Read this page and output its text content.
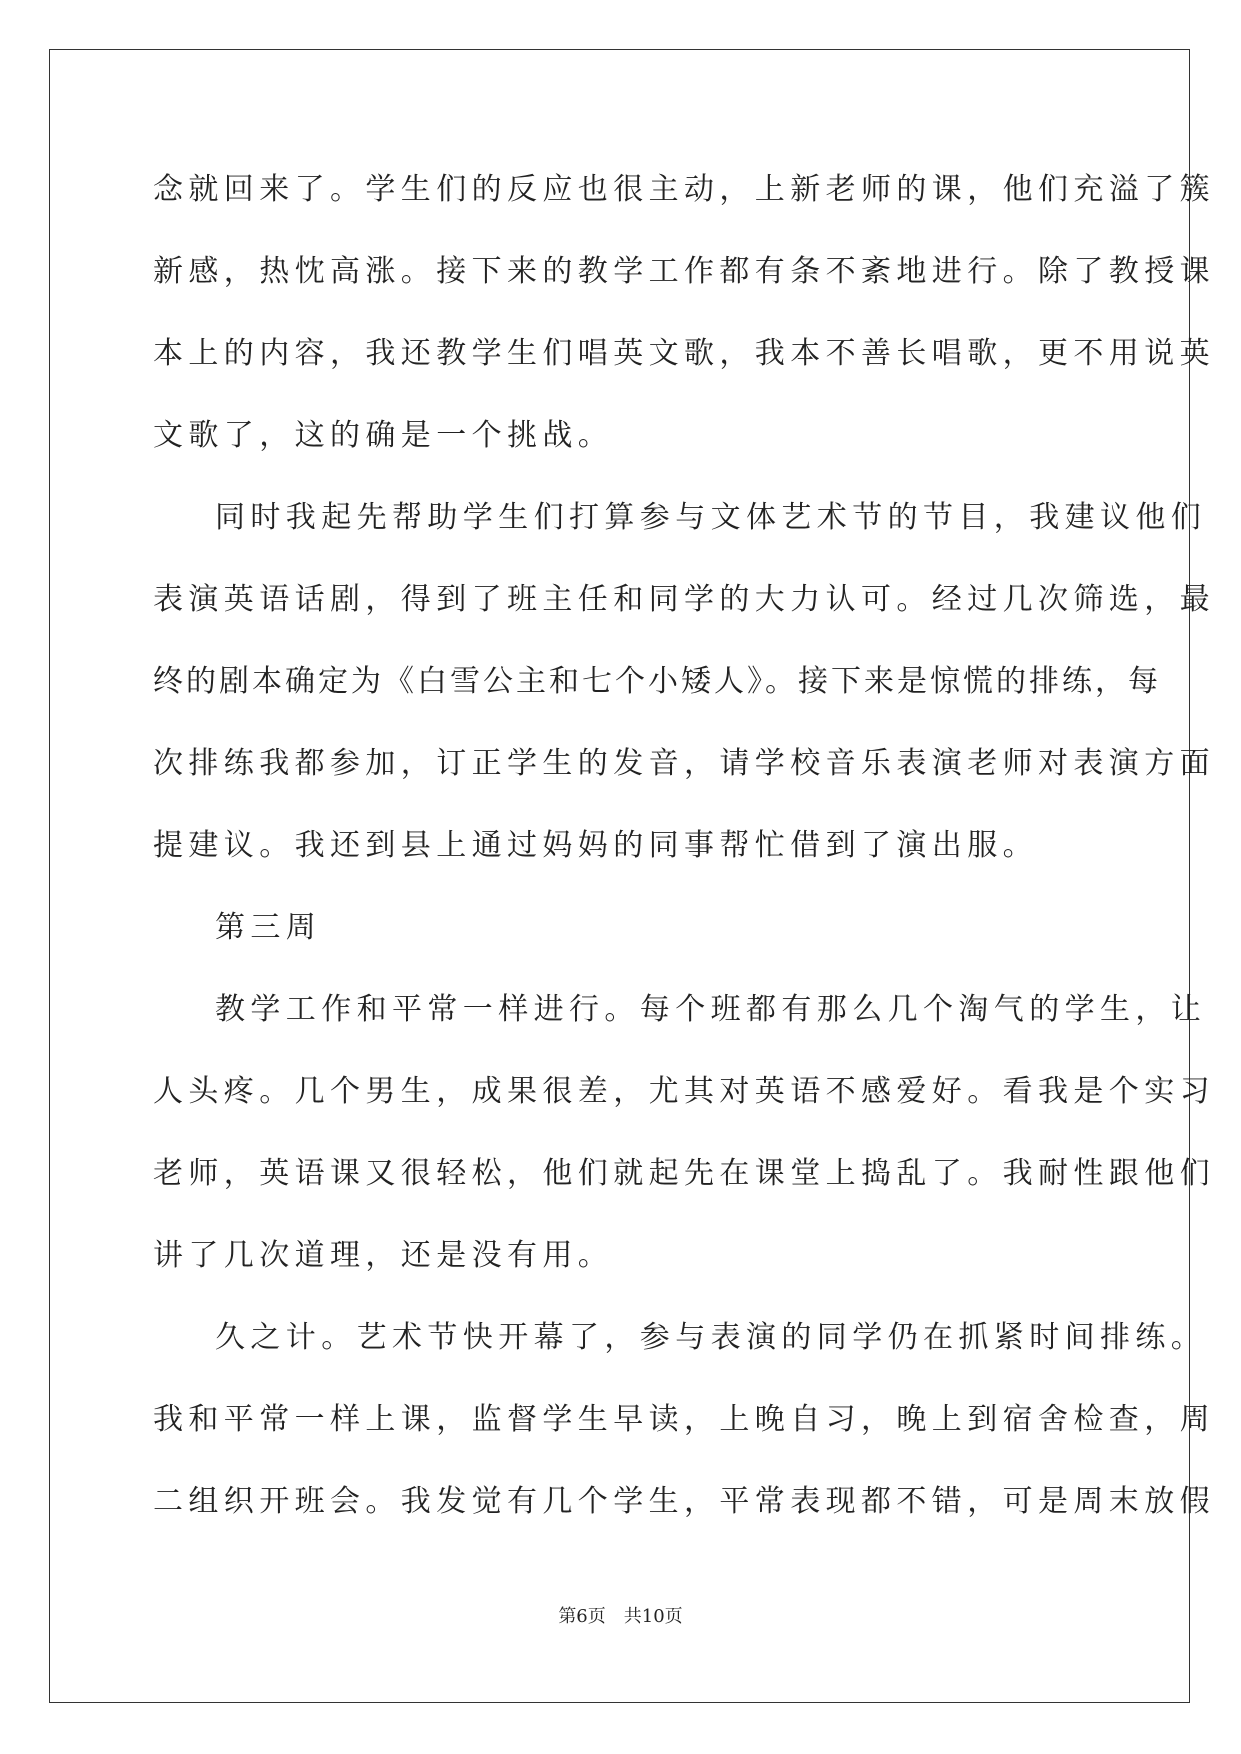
念就回来了。学生们的反应也很主动，上新老师的课，他们充溢了簇
新感，热忱高涨。接下来的教学工作都有条不紊地进行。除了教授课
本上的内容，我还教学生们唱英文歌，我本不善长唱歌，更不用说英
文歌了，这的确是一个挑战。
同时我起先帮助学生们打算参与文体艺术节的节目，我建议他们
表演英语话剧，得到了班主任和同学的大力认可。经过几次筛选，最
终的剧本确定为《白雪公主和七个小矮人》。接下来是惊慌的排练，每
次排练我都参加，订正学生的发音，请学校音乐表演老师对表演方面
提建议。我还到县上通过妈妈的同事帮忙借到了演出服。
第三周
教学工作和平常一样进行。每个班都有那么几个淘气的学生，让
人头疼。几个男生，成果很差，尤其对英语不感爱好。看我是个实习
老师，英语课又很轻松，他们就起先在课堂上捣乱了。我耐性跟他们
讲了几次道理，还是没有用。
久之计。艺术节快开幕了，参与表演的同学仍在抓紧时间排练。
我和平常一样上课，监督学生早读，上晚自习，晚上到宿舍检查，周
二组织开班会。我发觉有几个学生，平常表现都不错，可是周末放假
第6页　共10页
